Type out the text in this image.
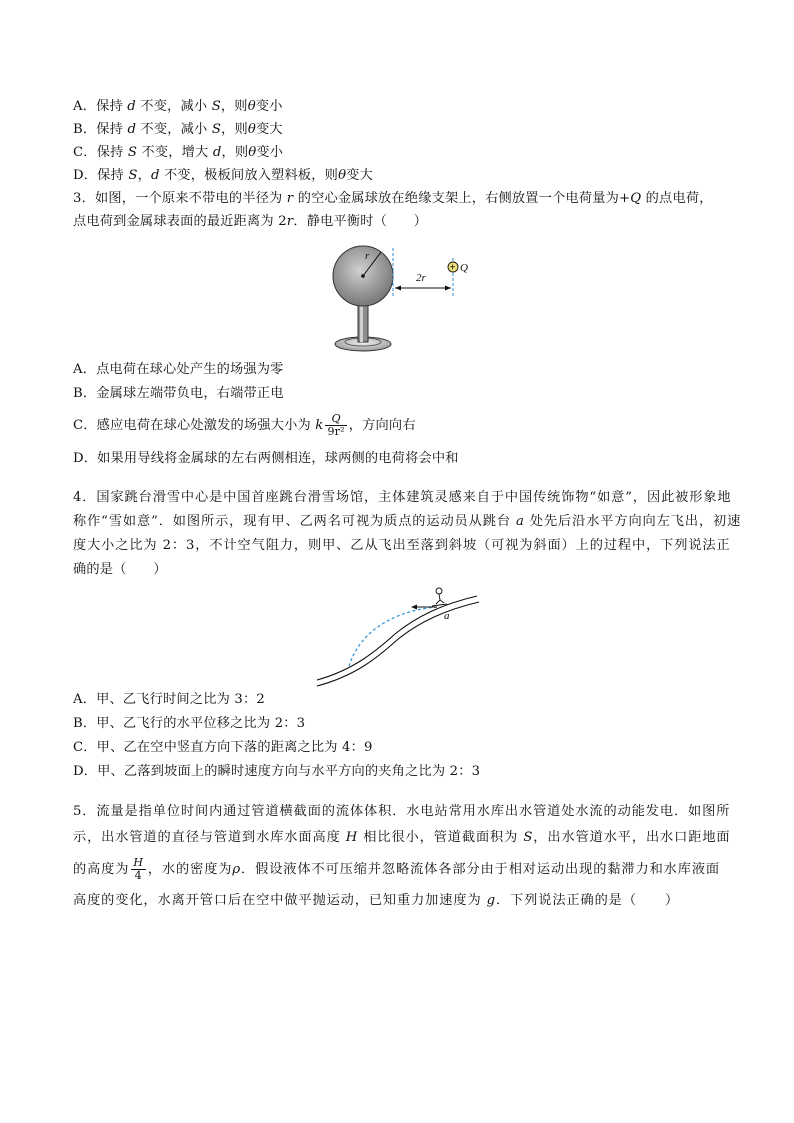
A．保持 d 不变，减小 S，则θ变小
B．保持 d 不变，减小 S，则θ变大
C．保持 S 不变，增大 d，则θ变小
D．保持 S，d 不变，极板间放入塑料板，则θ变大
3．如图，一个原来不带电的半径为 r 的空心金属球放在绝缘支架上，右侧放置一个电荷量为+Q 的点电荷，
点电荷到金属球表面的最近距离为 2r．静电平衡时（　　）
r
2r
+ Q
A．点电荷在球心处产生的场强为零
B．金属球左端带负电，右端带正电
C．感应电荷在球心处激发的场强大小为 k $\frac{Q}{\text{9r²}}$ ，方向向右
D．如果用导线将金属球的左右两侧相连，球两侧的电荷将会中和
4．国家跳台滑雪中心是中国首座跳台滑雪场馆，主体建筑灵感来自于中国传统饰物“如意”，因此被形象地
称作“雪如意”．如图所示，现有甲、乙两名可视为质点的运动员从跳台 a 处先后沿水平方向向左飞出，初速
度大小之比为 2：3，不计空气阻力，则甲、乙从飞出至落到斜坡（可视为斜面）上的过程中，下列说法正
确的是（　　）
a
A．甲、乙飞行时间之比为 3：2
B．甲、乙飞行的水平位移之比为 2：3
C．甲、乙在空中竖直方向下落的距离之比为 4：9
D．甲、乙落到坡面上的瞬时速度方向与水平方向的夹角之比为 2：3
5．流量是指单位时间内通过管道横截面的流体体积．水电站常用水库出水管道处水流的动能发电．如图所
示，出水管道的直径与管道到水库水面高度 H 相比很小，管道截面积为 S，出水管道水平，出水口距地面
的高度为 $\frac{H}{4}$ ，水的密度为ρ．假设液体不可压缩并忽略流体各部分由于相对运动出现的黏滞力和水库液面
高度的变化，水离开管口后在空中做平抛运动，已知重力加速度为 g．下列说法正确的是（　　）
